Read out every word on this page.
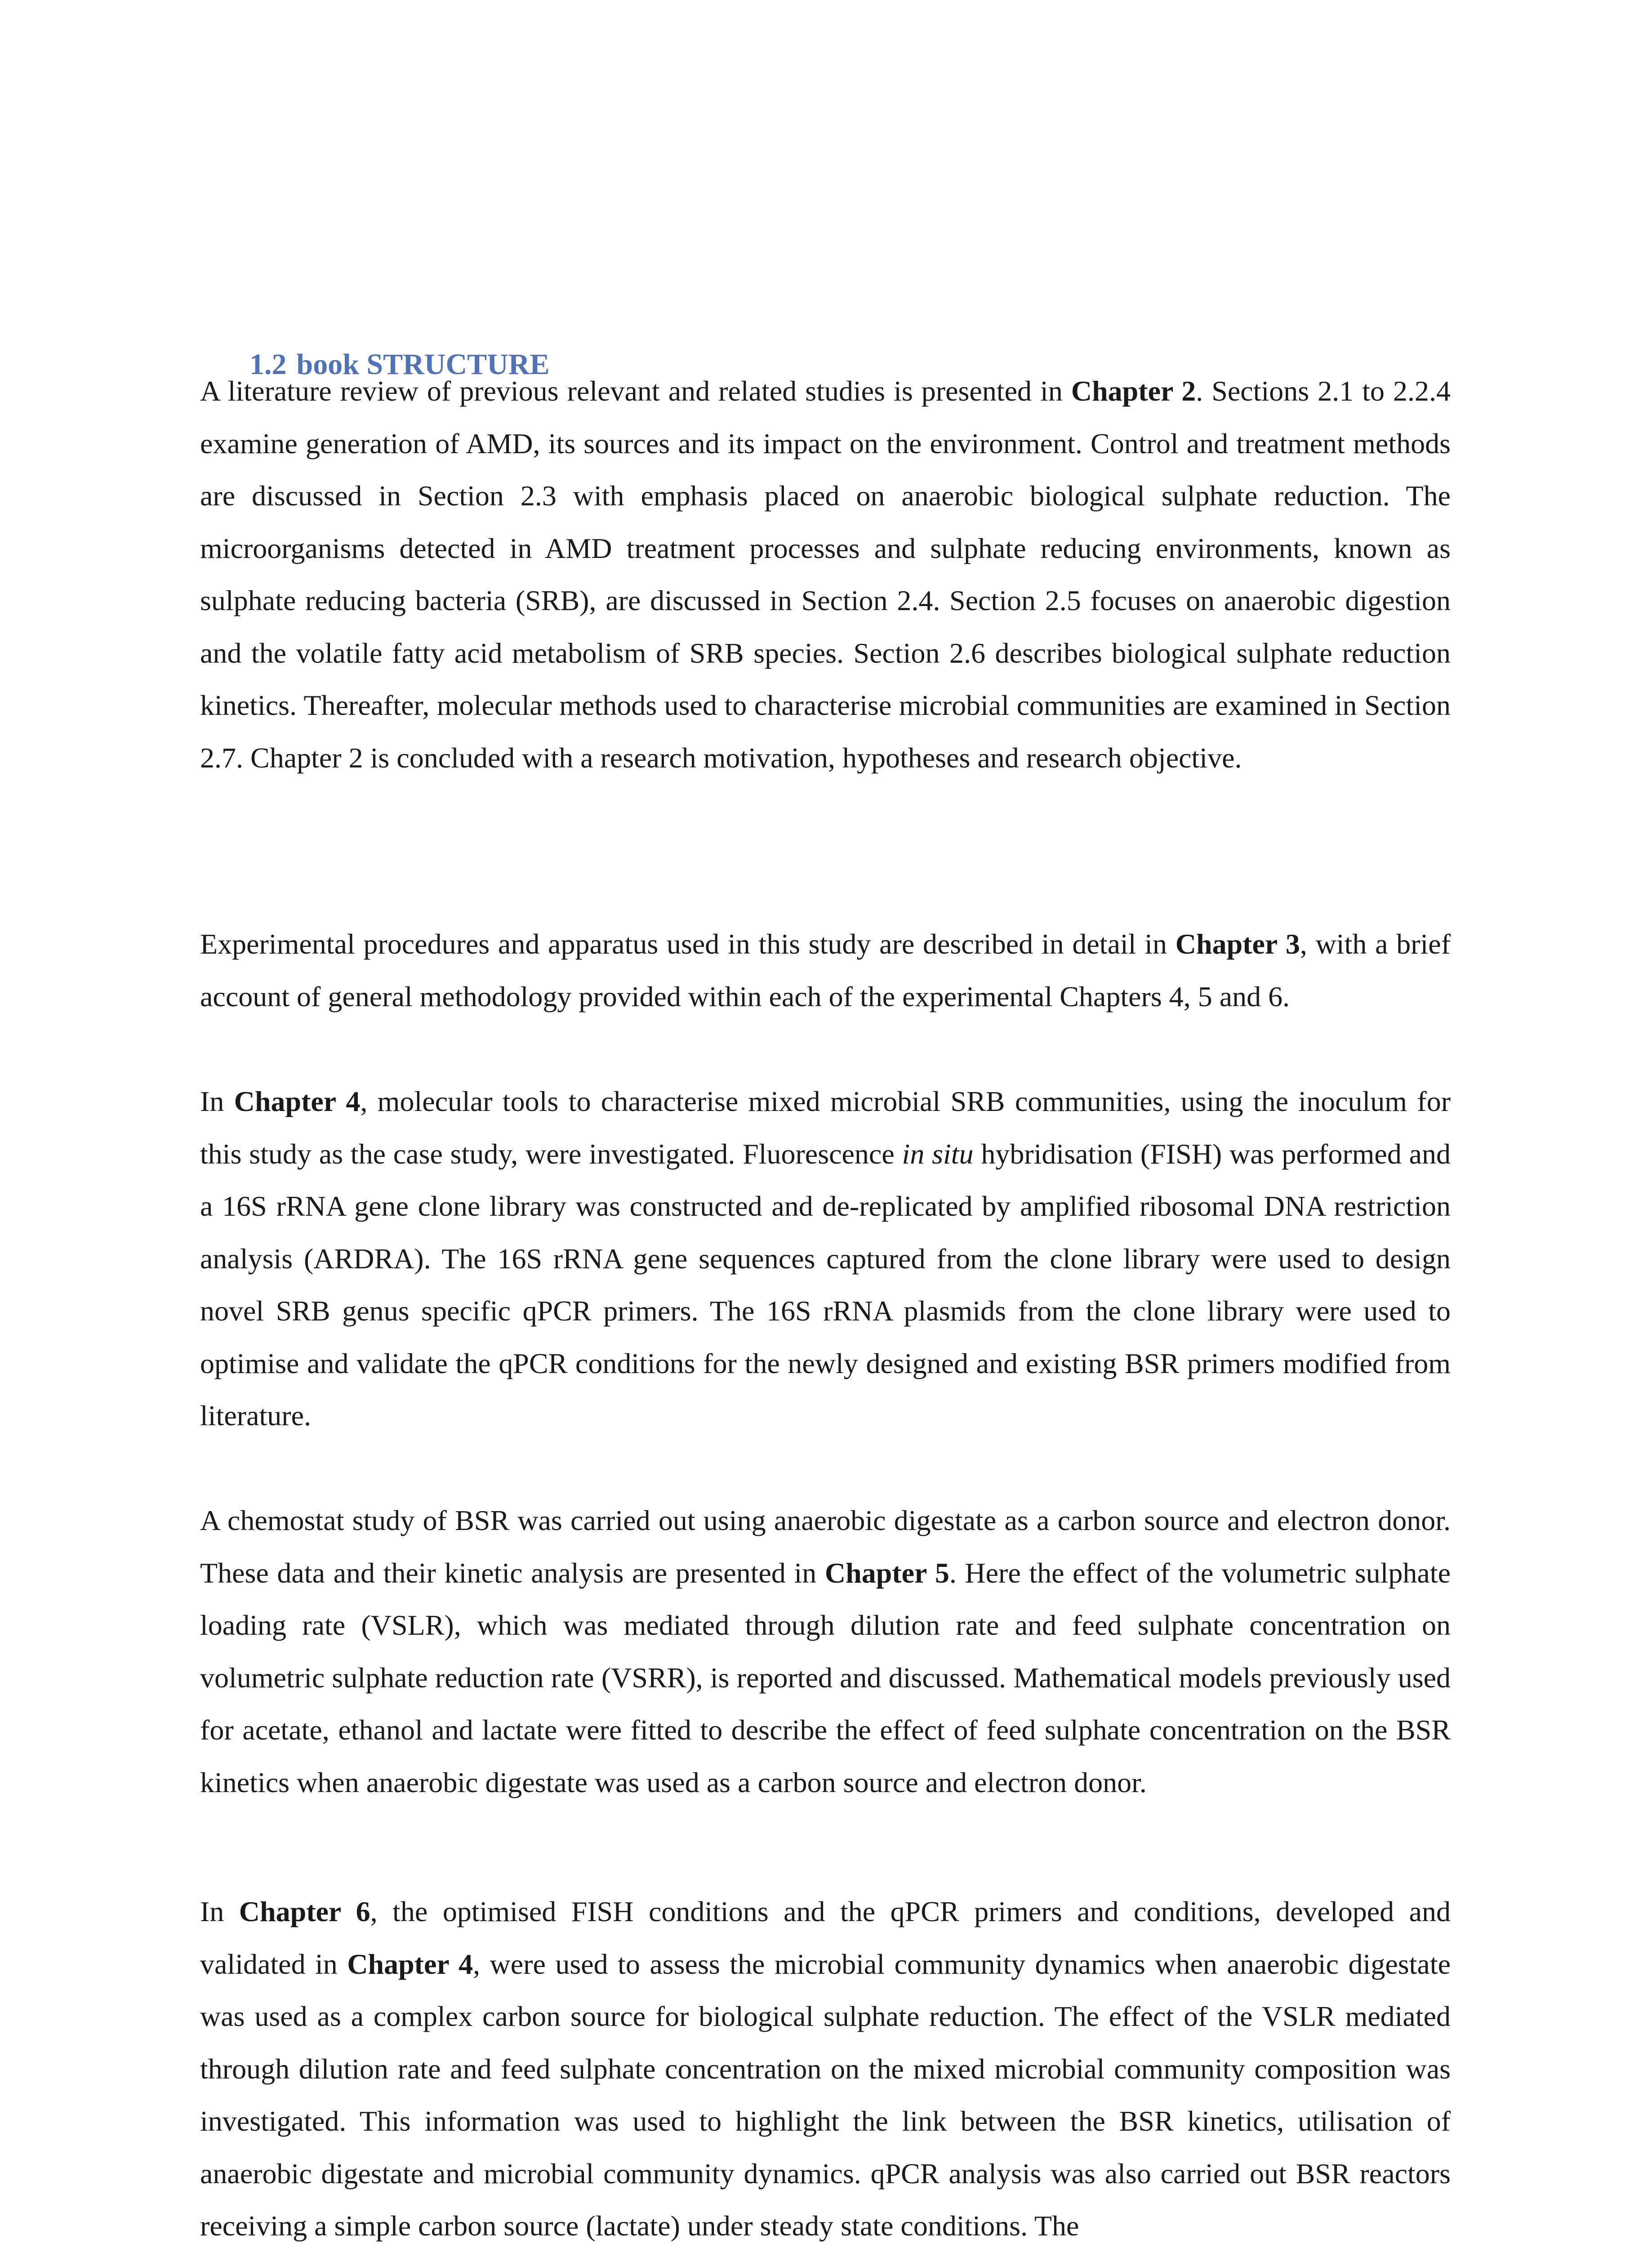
1.2 book STRUCTURE

A literature review of previous relevant and related studies is presented in Chapter 2. Sections 2.1 to 2.2.4 examine generation of AMD, its sources and its impact on the environment. Control and treatment methods are discussed in Section 2.3 with emphasis placed on anaerobic biological sulphate reduction. The microorganisms detected in AMD treatment processes and sulphate reducing environments, known as sulphate reducing bacteria (SRB), are discussed in Section 2.4. Section 2.5 focuses on anaerobic digestion and the volatile fatty acid metabolism of SRB species. Section 2.6 describes biological sulphate reduction kinetics. Thereafter, molecular methods used to characterise microbial communities are examined in Section 2.7. Chapter 2 is concluded with a research motivation, hypotheses and research objective.

Experimental procedures and apparatus used in this study are described in detail in Chapter 3, with a brief account of general methodology provided within each of the experimental Chapters 4, 5 and 6.

In Chapter 4, molecular tools to characterise mixed microbial SRB communities, using the inoculum for this study as the case study, were investigated. Fluorescence in situ hybridisation (FISH) was performed and a 16S rRNA gene clone library was constructed and de-replicated by amplified ribosomal DNA restriction analysis (ARDRA). The 16S rRNA gene sequences captured from the clone library were used to design novel SRB genus specific qPCR primers. The 16S rRNA plasmids from the clone library were used to optimise and validate the qPCR conditions for the newly designed and existing BSR primers modified from literature.

A chemostat study of BSR was carried out using anaerobic digestate as a carbon source and electron donor. These data and their kinetic analysis are presented in Chapter 5. Here the effect of the volumetric sulphate loading rate (VSLR), which was mediated through dilution rate and feed sulphate concentration on volumetric sulphate reduction rate (VSRR), is reported and discussed. Mathematical models previously used for acetate, ethanol and lactate were fitted to describe the effect of feed sulphate concentration on the BSR kinetics when anaerobic digestate was used as a carbon source and electron donor.

In Chapter 6, the optimised FISH conditions and the qPCR primers and conditions, developed and validated in Chapter 4, were used to assess the microbial community dynamics when anaerobic digestate was used as a complex carbon source for biological sulphate reduction. The effect of the VSLR mediated through dilution rate and feed sulphate concentration on the mixed microbial community composition was investigated. This information was used to highlight the link between the BSR kinetics, utilisation of anaerobic digestate and microbial community dynamics. qPCR analysis was also carried out BSR reactors receiving a simple carbon source (lactate) under steady state conditions. The
